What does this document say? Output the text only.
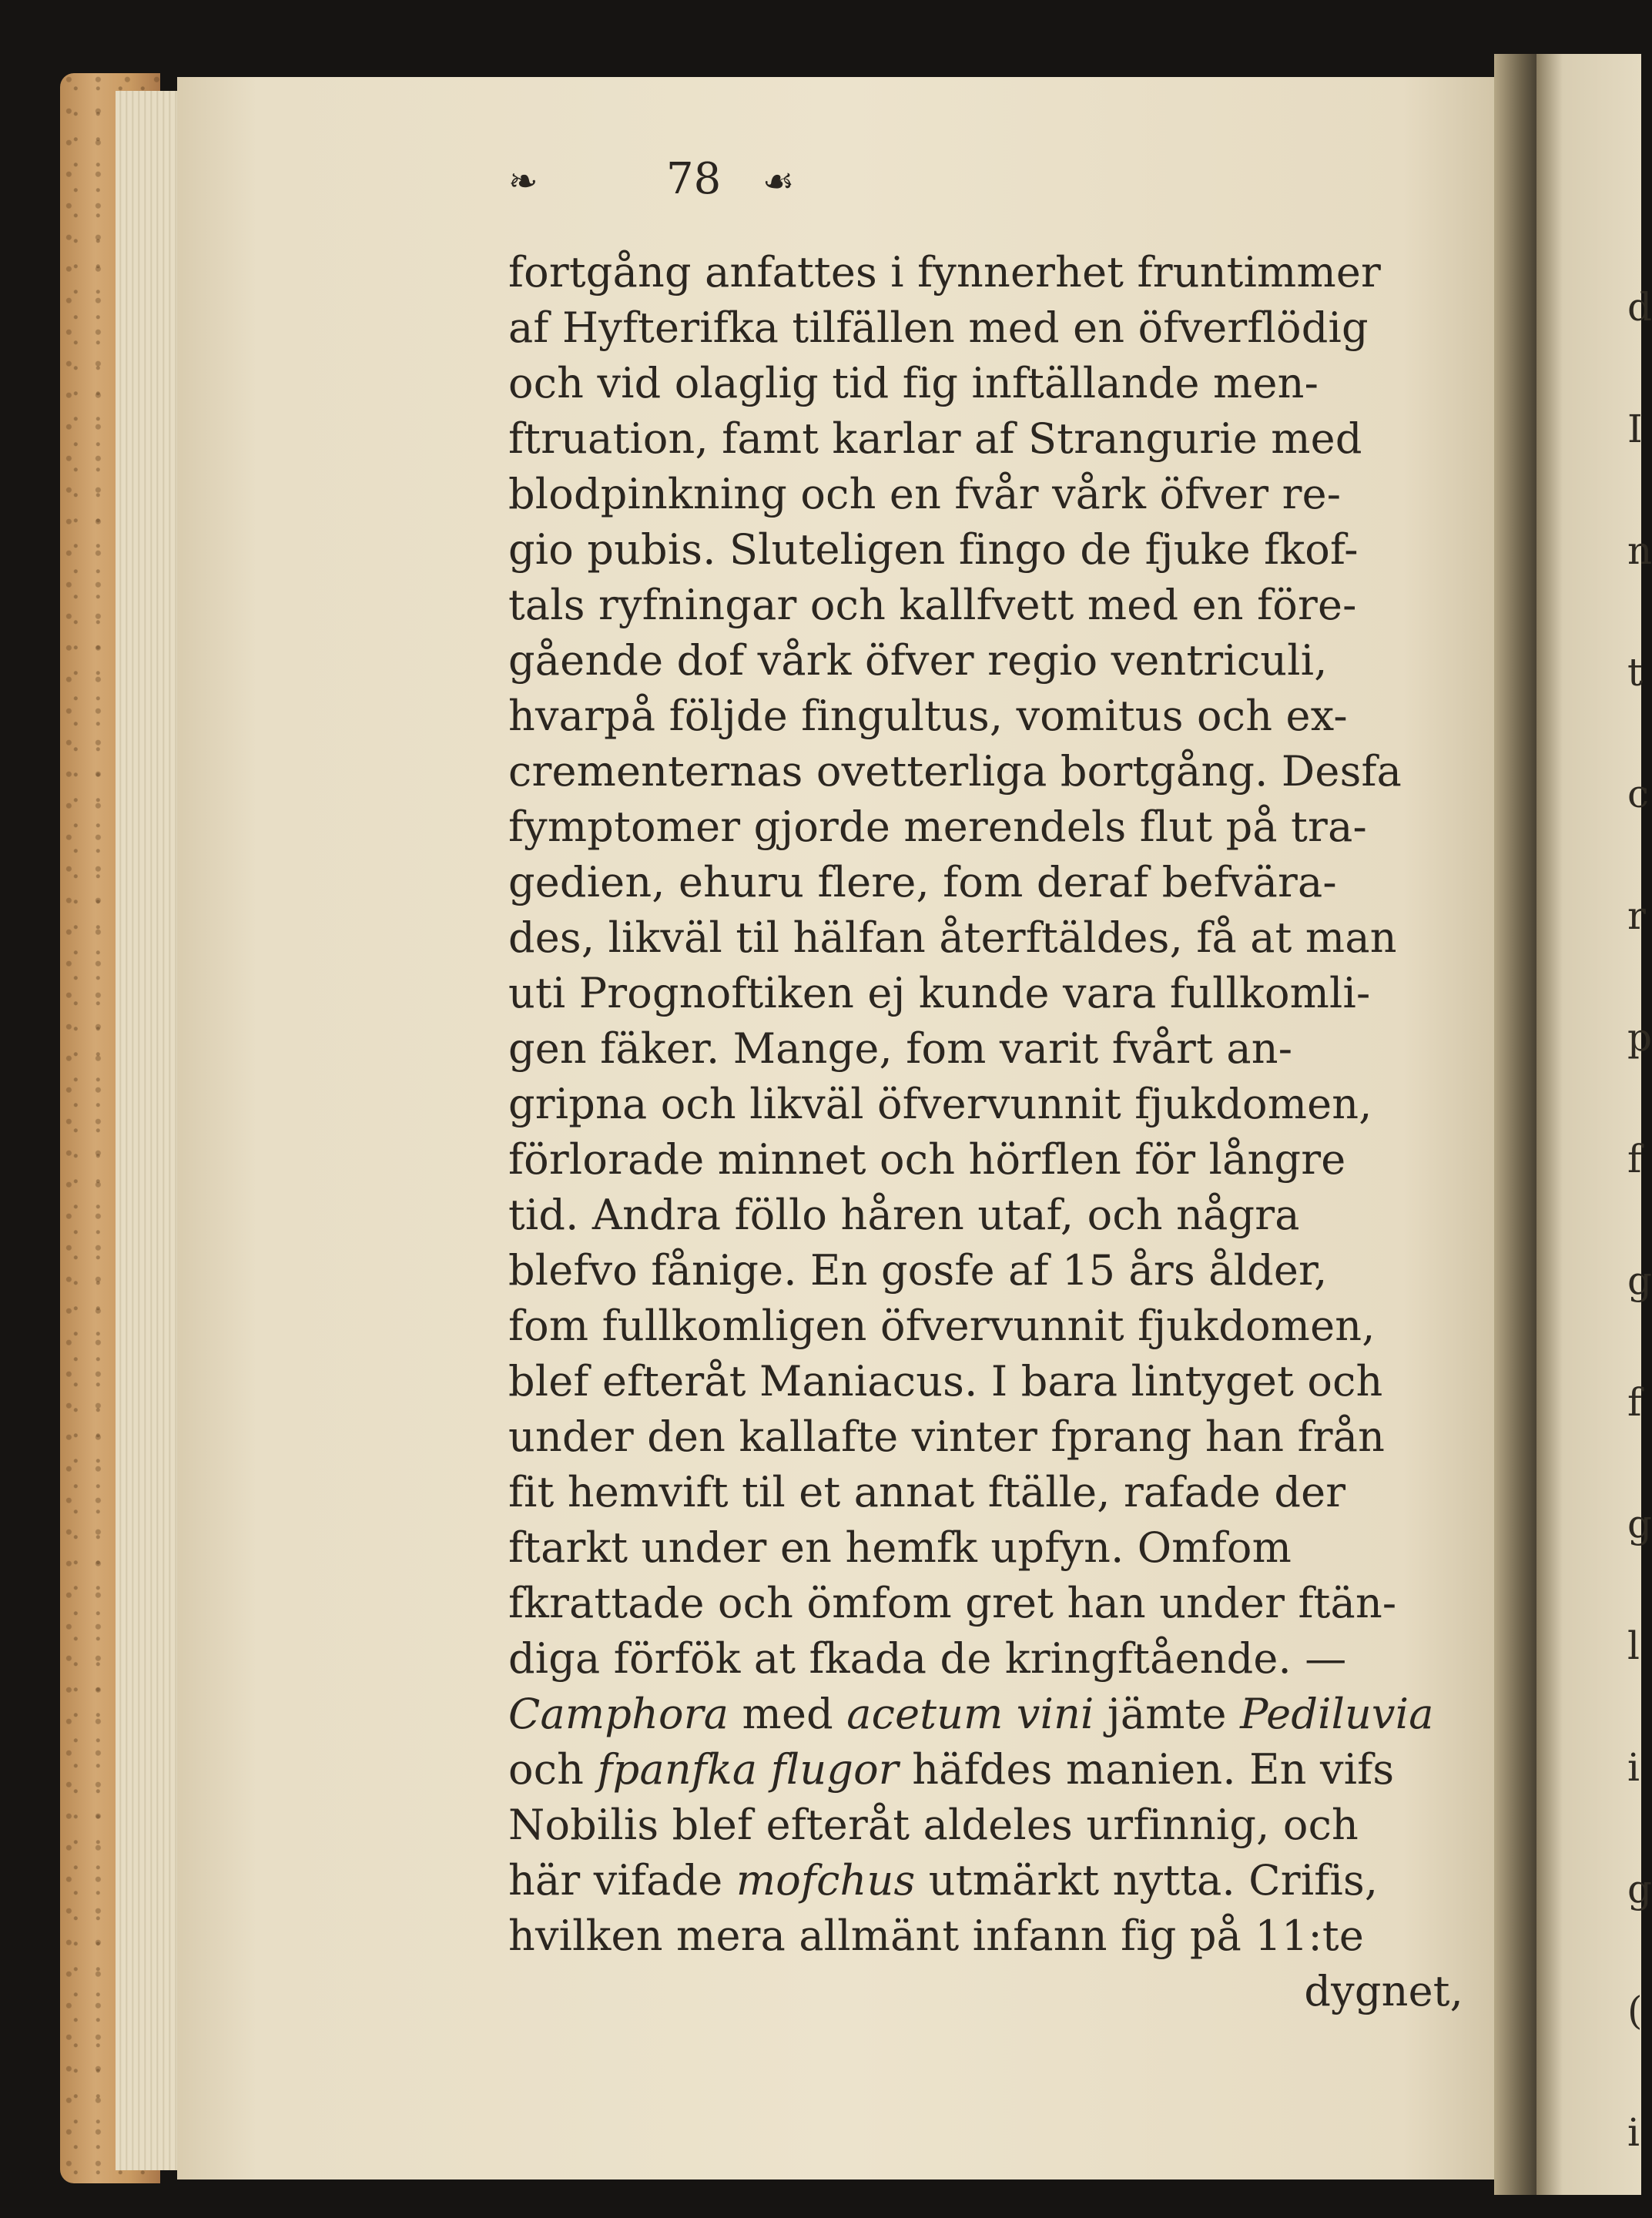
d
I
n
t
c
r
p
f
g
f
g
l
i
g
(
i
❧	78 ☙
fortgång anfattes i fynnerhet fruntimmer
af Hyfterifka tilfällen med en öfverflödig
och vid olaglig tid fig inftällande men-
ftruation, famt karlar af Strangurie med
blodpinkning och en fvår vårk öfver re-
gio pubis. Sluteligen fingo de fjuke fkof-
tals ryfningar och kallfvett med en före-
gående dof vårk öfver regio ventriculi,
hvarpå följde fingultus, vomitus och ex-
crementernas ovetterliga bortgång. Desfa
fymptomer gjorde merendels flut på tra-
gedien, ehuru flere, fom deraf befvära-
des, likväl til hälfan återftäldes, få at man
uti Prognoftiken ej kunde vara fullkomli-
gen fäker. Mange, fom varit fvårt an-
gripna och likväl öfvervunnit fjukdomen,
förlorade minnet och hörflen för långre
tid. Andra föllo håren utaf, och några
blefvo fånige. En gosfe af 15 års ålder,
fom fullkomligen öfvervunnit fjukdomen,
blef efteråt Maniacus. I bara lintyget och
under den kallafte vinter fprang han från
fit hemvift til et annat ftälle, rafade der
ftarkt under en hemfk upfyn. Omfom
fkrattade och ömfom gret han under ftän-
diga förfök at fkada de kringftående. —
Camphora med acetum vini jämte Pediluvia
och fpanfka flugor häfdes manien. En vifs
Nobilis blef efteråt aldeles urfinnig, och
här vifade mofchus utmärkt nytta. Crifis,
hvilken mera allmänt infann fig på 11:te
dygnet,
